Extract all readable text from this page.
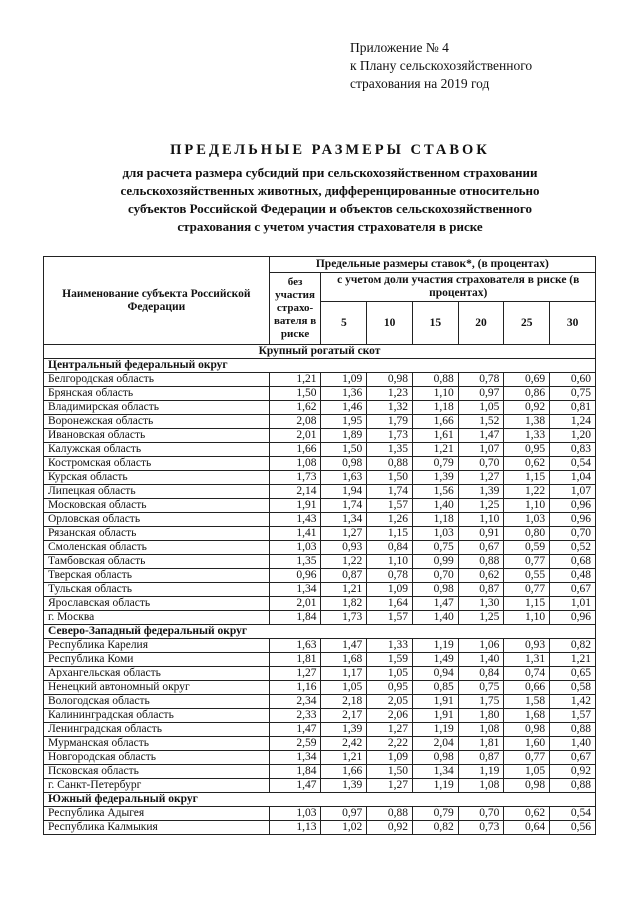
Приложение № 4
к Плану сельскохозяйственного
страхования на 2019 год
ПРЕДЕЛЬНЫЕ РАЗМЕРЫ СТАВОК
для расчета размера субсидий при сельскохозяйственном страховании
сельскохозяйственных животных, дифференцированные относительно
субъектов Российской Федерации и объектов сельскохозяйственного
страхования с учетом участия страхователя в риске
Наименование субъекта Российской Федерации	Предельные размеры ставок*, (в процентах)						
	без участия страхо-вателя в риске	с учетом доли участия страхователя в риске (в процентах)					
		5	10	15	20	25	30
Крупный рогатый скот							
Центральный федеральный округ							
Белгородская область	1,21	1,09	0,98	0,88	0,78	0,69	0,60
Брянская область	1,50	1,36	1,23	1,10	0,97	0,86	0,75
Владимирская область	1,62	1,46	1,32	1,18	1,05	0,92	0,81
Воронежская область	2,08	1,95	1,79	1,66	1,52	1,38	1,24
Ивановская область	2,01	1,89	1,73	1,61	1,47	1,33	1,20
Калужская область	1,66	1,50	1,35	1,21	1,07	0,95	0,83
Костромская область	1,08	0,98	0,88	0,79	0,70	0,62	0,54
Курская область	1,73	1,63	1,50	1,39	1,27	1,15	1,04
Липецкая область	2,14	1,94	1,74	1,56	1,39	1,22	1,07
Московская область	1,91	1,74	1,57	1,40	1,25	1,10	0,96
Орловская область	1,43	1,34	1,26	1,18	1,10	1,03	0,96
Рязанская область	1,41	1,27	1,15	1,03	0,91	0,80	0,70
Смоленская область	1,03	0,93	0,84	0,75	0,67	0,59	0,52
Тамбовская область	1,35	1,22	1,10	0,99	0,88	0,77	0,68
Тверская область	0,96	0,87	0,78	0,70	0,62	0,55	0,48
Тульская область	1,34	1,21	1,09	0,98	0,87	0,77	0,67
Ярославская область	2,01	1,82	1,64	1,47	1,30	1,15	1,01
г. Москва	1,84	1,73	1,57	1,40	1,25	1,10	0,96
Северо-Западный федеральный округ							
Республика Карелия	1,63	1,47	1,33	1,19	1,06	0,93	0,82
Республика Коми	1,81	1,68	1,59	1,49	1,40	1,31	1,21
Архангельская область	1,27	1,17	1,05	0,94	0,84	0,74	0,65
Ненецкий автономный округ	1,16	1,05	0,95	0,85	0,75	0,66	0,58
Вологодская область	2,34	2,18	2,05	1,91	1,75	1,58	1,42
Калининградская область	2,33	2,17	2,06	1,91	1,80	1,68	1,57
Ленинградская область	1,47	1,39	1,27	1,19	1,08	0,98	0,88
Мурманская область	2,59	2,42	2,22	2,04	1,81	1,60	1,40
Новгородская область	1,34	1,21	1,09	0,98	0,87	0,77	0,67
Псковская область	1,84	1,66	1,50	1,34	1,19	1,05	0,92
г. Санкт-Петербург	1,47	1,39	1,27	1,19	1,08	0,98	0,88
Южный федеральный округ							
Республика Адыгея	1,03	0,97	0,88	0,79	0,70	0,62	0,54
Республика Калмыкия	1,13	1,02	0,92	0,82	0,73	0,64	0,56
